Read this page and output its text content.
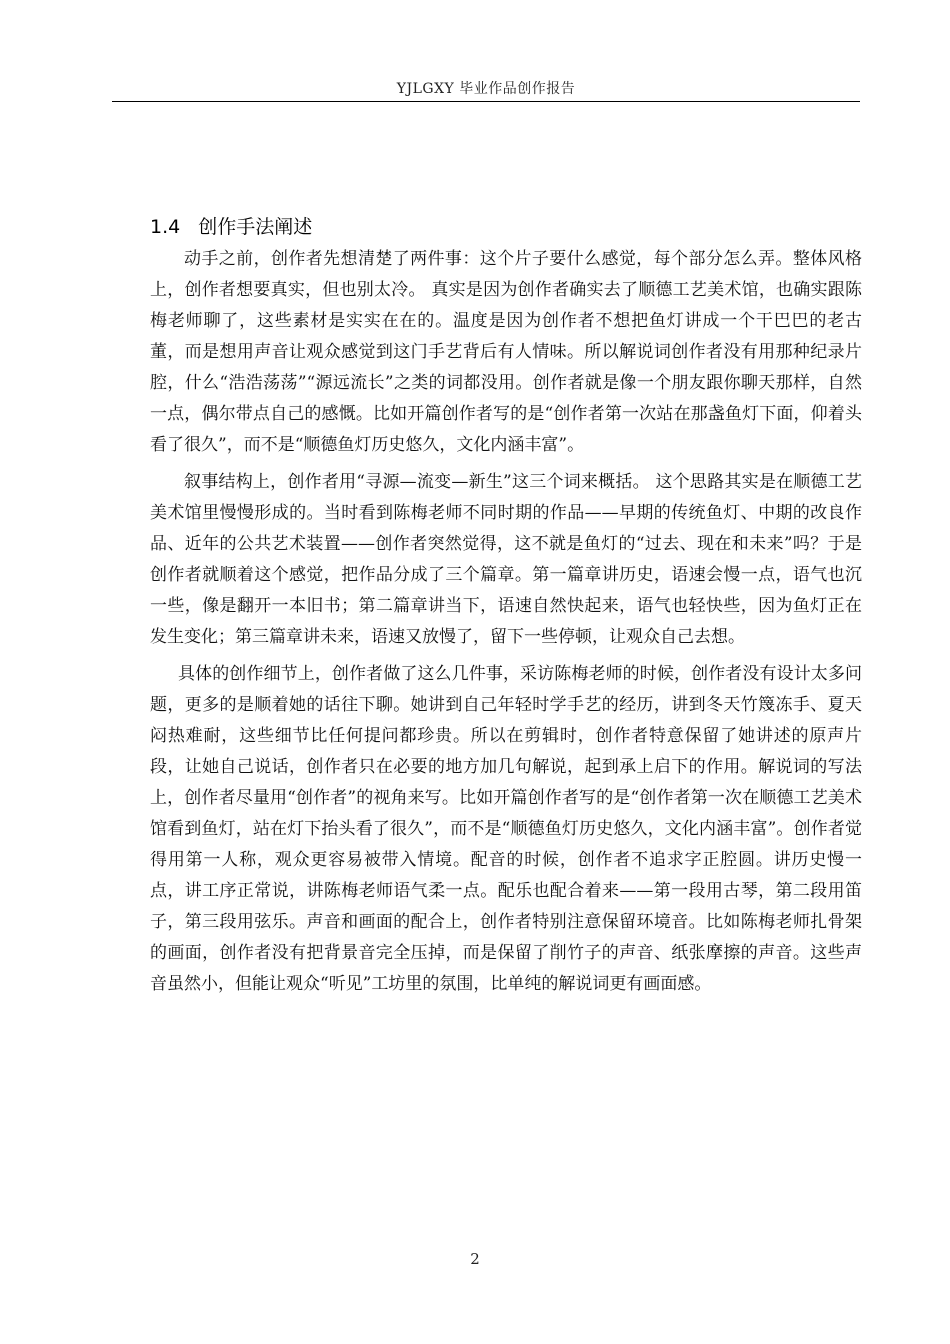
YJLGXY 毕业作品创作报告
1.4 创作手法阐述

动手之前，创作者先想清楚了两件事：这个片子要什么感觉，每个部分怎么弄。整体风格上，创作者想要真实，但也别太冷。 真实是因为创作者确实去了顺德工艺美术馆，也确实跟陈梅老师聊了，这些素材是实实在在的。温度是因为创作者不想把鱼灯讲成一个干巴巴的老古董，而是想用声音让观众感觉到这门手艺背后有人情味。所以解说词创作者没有用那种纪录片腔，什么“浩浩荡荡”“源远流长”之类的词都没用。创作者就是像一个朋友跟你聊天那样，自然一点，偶尔带点自己的感慨。比如开篇创作者写的是“创作者第一次站在那盏鱼灯下面，仰着头看了很久”，而不是“顺德鱼灯历史悠久，文化内涵丰富”。

叙事结构上，创作者用“寻源—流变—新生”这三个词来概括。 这个思路其实是在顺德工艺美术馆里慢慢形成的。当时看到陈梅老师不同时期的作品——早期的传统鱼灯、中期的改良作品、近年的公共艺术装置——创作者突然觉得，这不就是鱼灯的“过去、现在和未来”吗？于是创作者就顺着这个感觉，把作品分成了三个篇章。第一篇章讲历史，语速会慢一点，语气也沉一些，像是翻开一本旧书；第二篇章讲当下，语速自然快起来，语气也轻快些，因为鱼灯正在发生变化；第三篇章讲未来，语速又放慢了，留下一些停顿，让观众自己去想。

具体的创作细节上，创作者做了这么几件事，采访陈梅老师的时候，创作者没有设计太多问题，更多的是顺着她的话往下聊。她讲到自己年轻时学手艺的经历，讲到冬天竹篾冻手、夏天闷热难耐，这些细节比任何提问都珍贵。所以在剪辑时，创作者特意保留了她讲述的原声片段，让她自己说话，创作者只在必要的地方加几句解说，起到承上启下的作用。解说词的写法上，创作者尽量用“创作者”的视角来写。比如开篇创作者写的是“创作者第一次在顺德工艺美术馆看到鱼灯，站在灯下抬头看了很久”，而不是“顺德鱼灯历史悠久，文化内涵丰富”。创作者觉得用第一人称，观众更容易被带入情境。配音的时候，创作者不追求字正腔圆。讲历史慢一点，讲工序正常说，讲陈梅老师语气柔一点。配乐也配合着来——第一段用古琴，第二段用笛子，第三段用弦乐。声音和画面的配合上，创作者特别注意保留环境音。比如陈梅老师扎骨架的画面，创作者没有把背景音完全压掉，而是保留了削竹子的声音、纸张摩擦的声音。这些声音虽然小，但能让观众“听见”工坊里的氛围，比单纯的解说词更有画面感。

2
